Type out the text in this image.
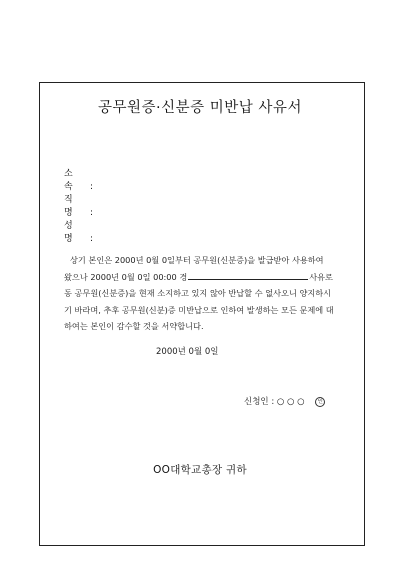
공무원증·신분증 미반납 사유서
소 속 :
직 명 :
성 명 :
상기 본인은 2000년 0월 0일부터 공무원(신분증)을 발급받아 사용하여
왔으나 2000년 0월 0일 00:00 경	사유로
동 공무원(신분증)을 현재 소지하고 있지 않아 반납할 수 없사오니 양지하시
기 바라며, 추후 공무원(신분)증 미반납으로 인하여 발생하는 모든 문제에 대
하여는 본인이 감수할 것을 서약합니다.
2000년 0월 0일
신청인 : ○ ○ ○ 인
OO대학교총장 귀하
